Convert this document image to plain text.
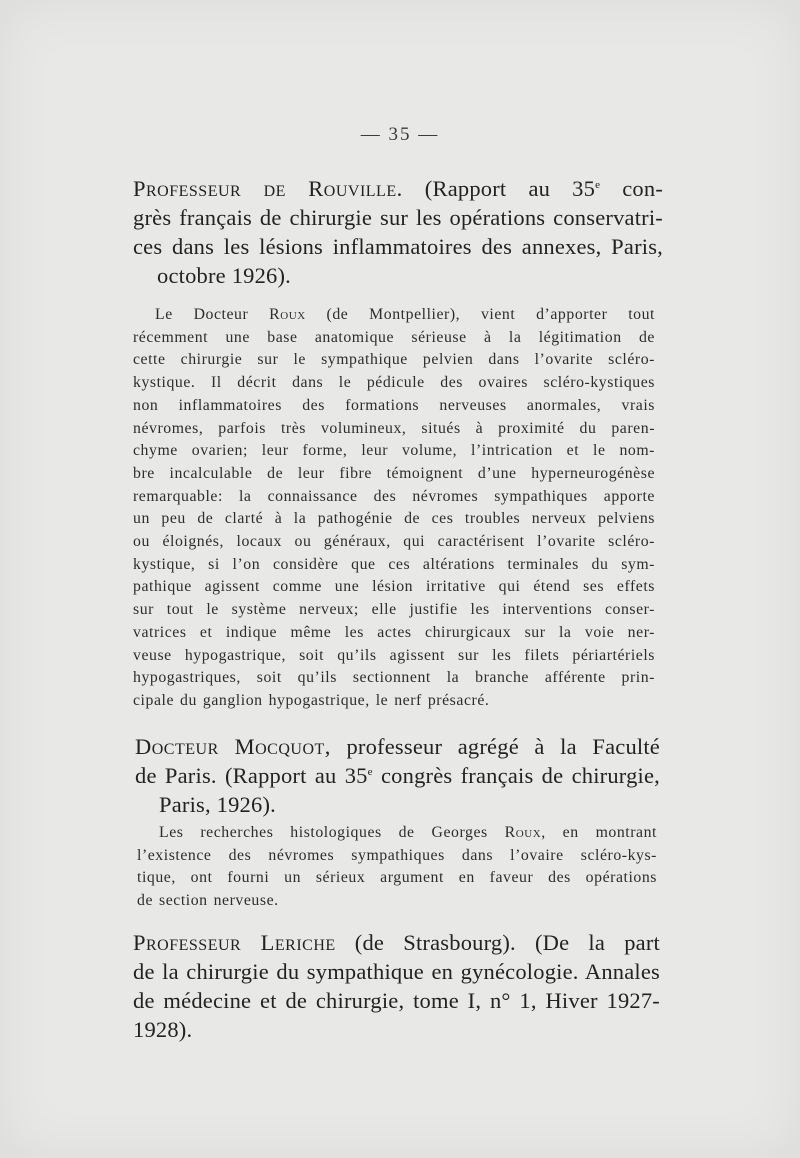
— 35 —
Professeur de Rouville. (Rapport au 35e con-
grès français de chirurgie sur les opérations conservatri-
ces dans les lésions inflammatoires des annexes, Paris,
octobre 1926).
Le Docteur Roux (de Montpellier), vient d’apporter tout
récemment une base anatomique sérieuse à la légitimation de
cette chirurgie sur le sympathique pelvien dans l’ovarite scléro-
kystique. Il décrit dans le pédicule des ovaires scléro-kystiques
non inflammatoires des formations nerveuses anormales, vrais
névromes, parfois très volumineux, situés à proximité du paren-
chyme ovarien; leur forme, leur volume, l’intrication et le nom-
bre incalculable de leur fibre témoignent d’une hyperneurogénèse
remarquable: la connaissance des névromes sympathiques apporte
un peu de clarté à la pathogénie de ces troubles nerveux pelviens
ou éloignés, locaux ou généraux, qui caractérisent l’ovarite scléro-
kystique, si l’on considère que ces altérations terminales du sym-
pathique agissent comme une lésion irritative qui étend ses effets
sur tout le système nerveux; elle justifie les interventions conser-
vatrices et indique même les actes chirurgicaux sur la voie ner-
veuse hypogastrique, soit qu’ils agissent sur les filets périartériels
hypogastriques, soit qu’ils sectionnent la branche afférente prin-
cipale du ganglion hypogastrique, le nerf présacré.
Docteur Mocquot, professeur agrégé à la Faculté
de Paris. (Rapport au 35e congrès français de chirurgie,
Paris, 1926).
Les recherches histologiques de Georges Roux, en montrant
l’existence des névromes sympathiques dans l’ovaire scléro-kys-
tique, ont fourni un sérieux argument en faveur des opérations
de section nerveuse.
Professeur Leriche (de Strasbourg). (De la part
de la chirurgie du sympathique en gynécologie. Annales
de médecine et de chirurgie, tome I, n° 1, Hiver 1927-
1928).
